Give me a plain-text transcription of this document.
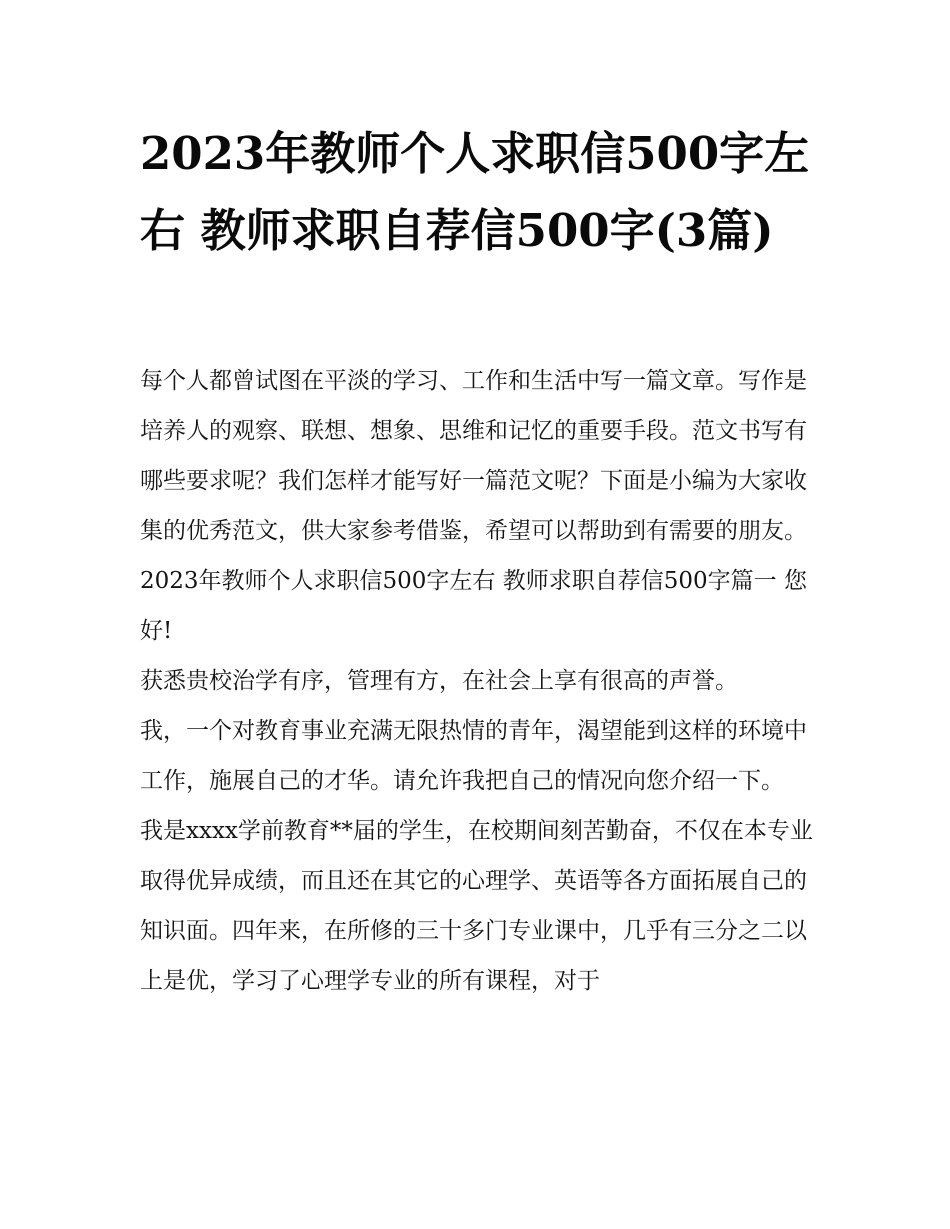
2023年教师个人求职信500字左右 教师求职自荐信500字(3篇)

每个人都曾试图在平淡的学习、工作和生活中写一篇文章。写作是培养人的观察、联想、想象、思维和记忆的重要手段。范文书写有哪些要求呢？我们怎样才能写好一篇范文呢？下面是小编为大家收集的优秀范文，供大家参考借鉴，希望可以帮助到有需要的朋友。

2023年教师个人求职信500字左右 教师求职自荐信500字篇一 您好!

获悉贵校治学有序，管理有方，在社会上享有很高的声誉。

我，一个对教育事业充满无限热情的青年，渴望能到这样的环境中工作，施展自己的才华。请允许我把自己的情况向您介绍一下。

我是xxxx学前教育**届的学生，在校期间刻苦勤奋，不仅在本专业取得优异成绩，而且还在其它的心理学、英语等各方面拓展自己的知识面。四年来，在所修的三十多门专业课中，几乎有三分之二以上是优，学习了心理学专业的所有课程，对于
